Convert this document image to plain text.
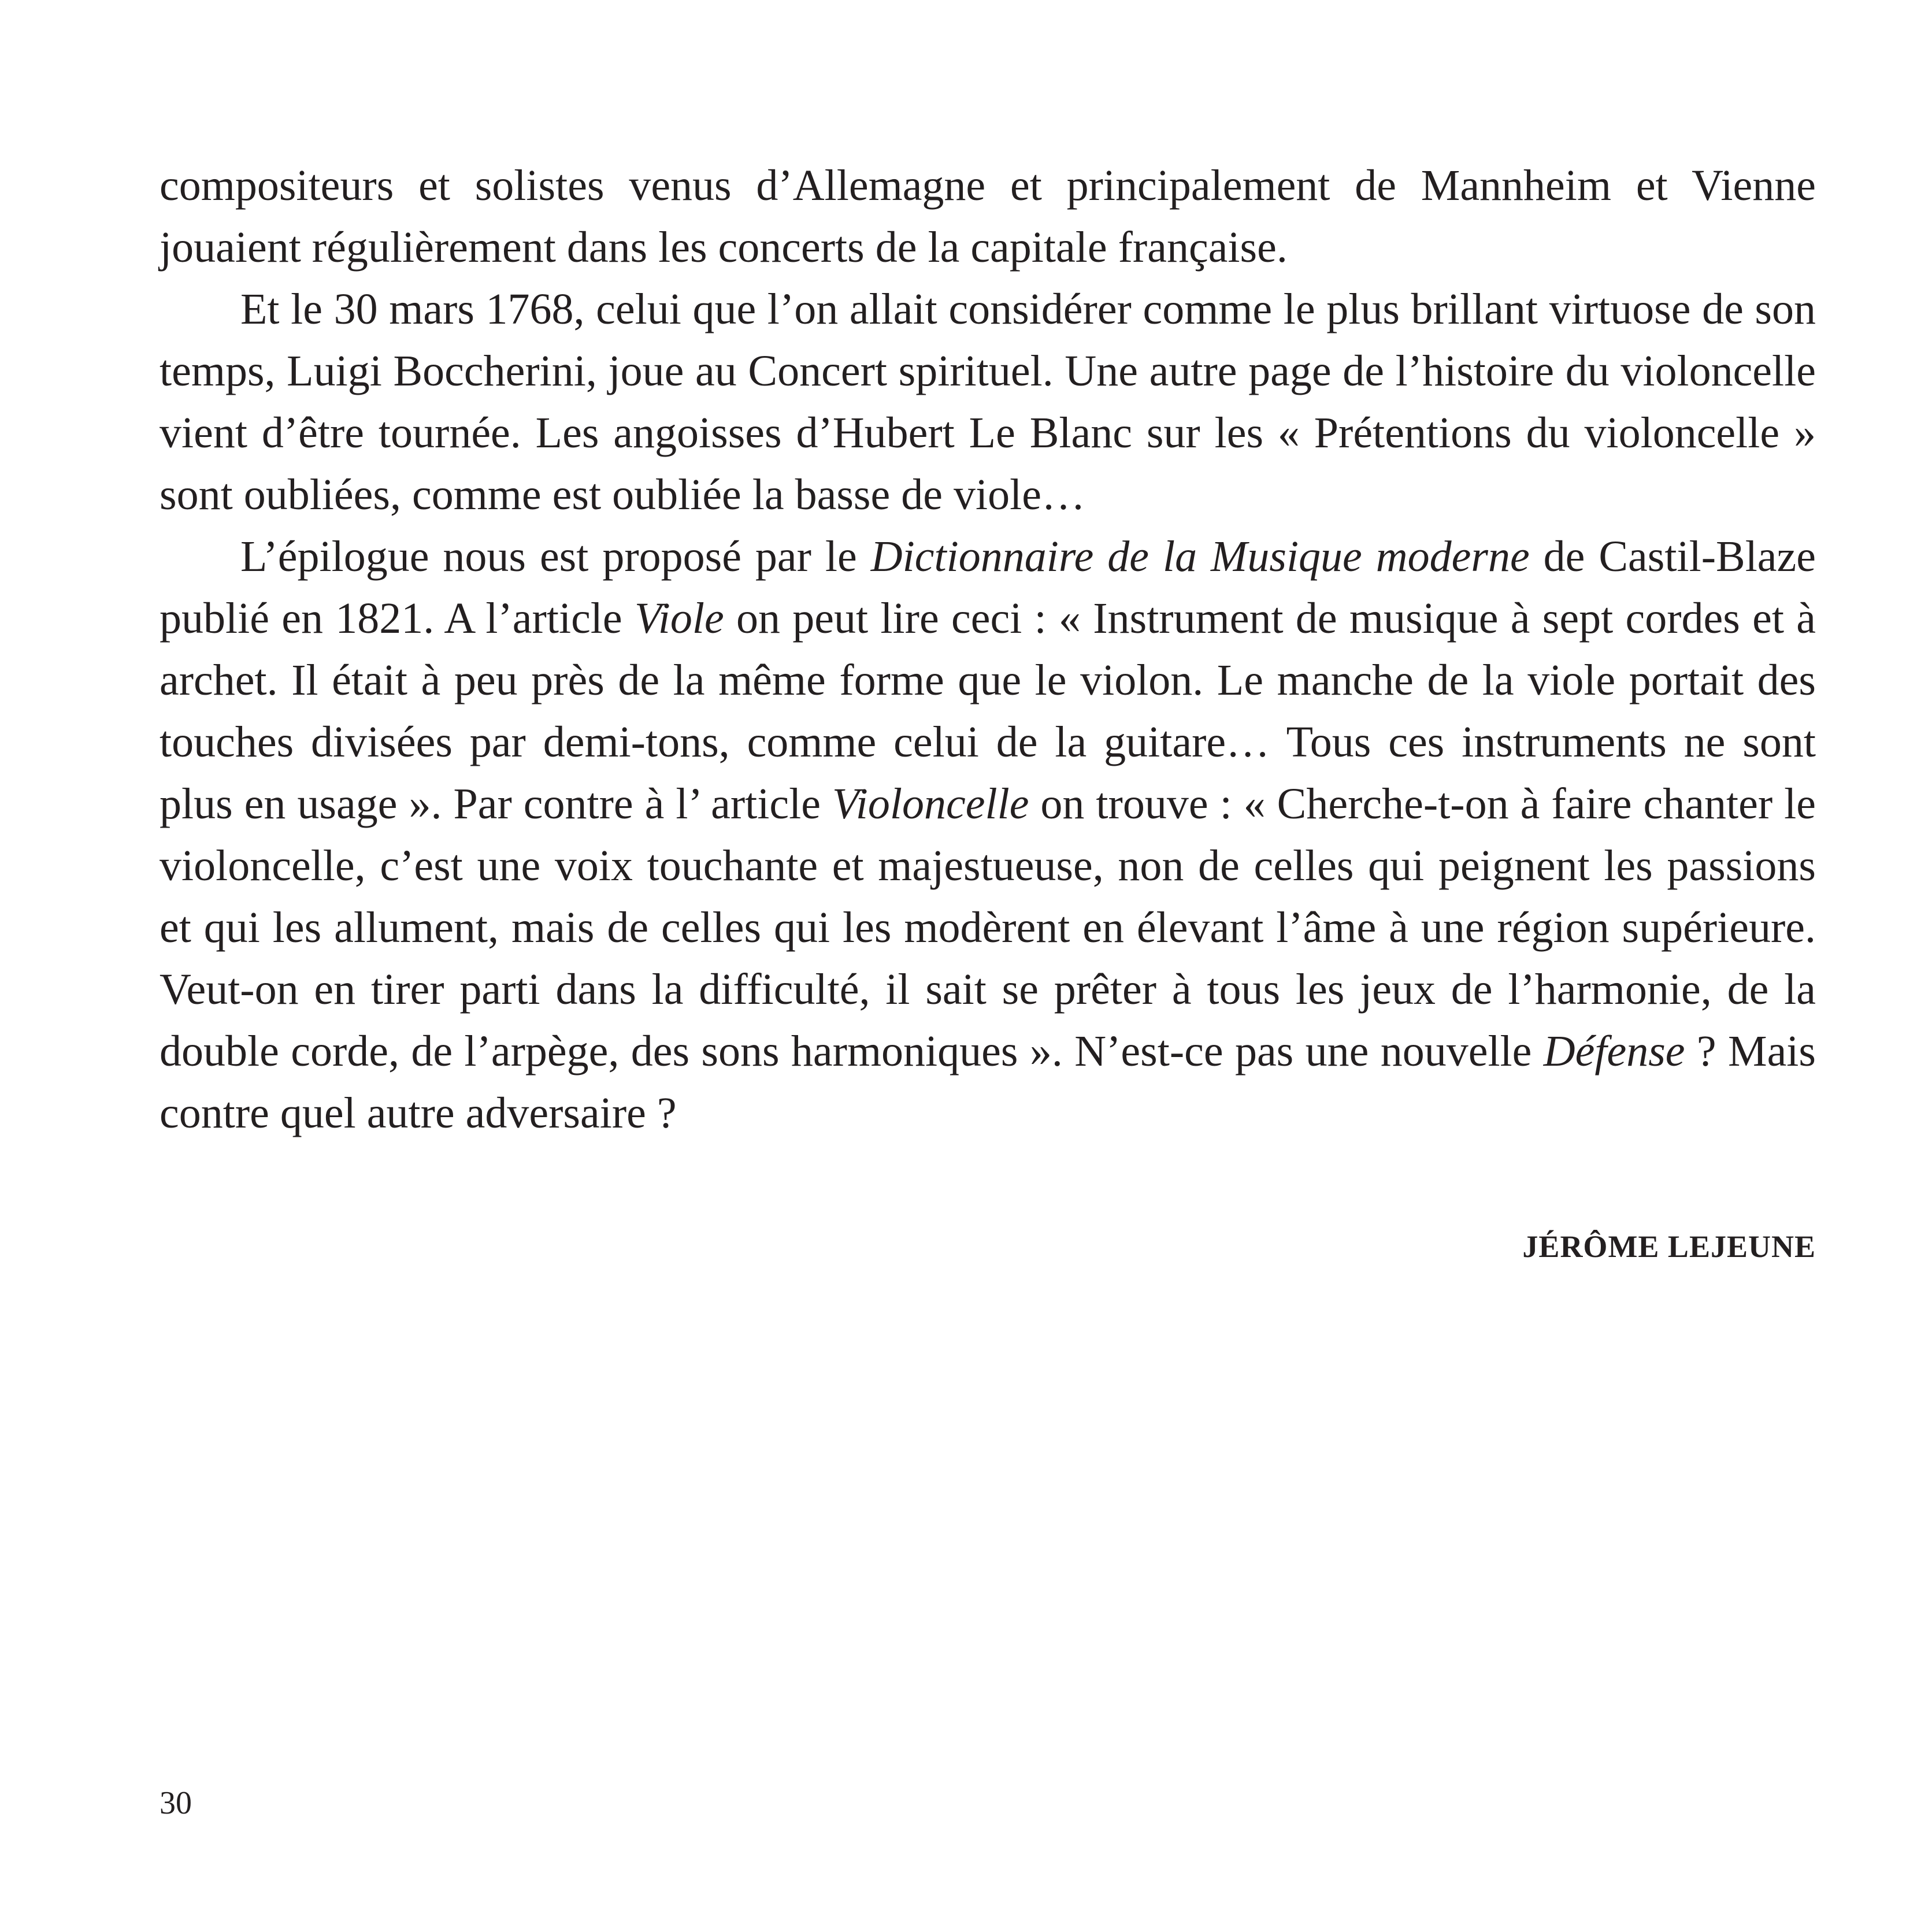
compositeurs et solistes venus d’Allemagne et principalement de Mannheim et Vienne jouaient régulièrement dans les concerts de la capitale française.

Et le 30 mars 1768, celui que l’on allait considérer comme le plus brillant virtuose de son temps, Luigi Boccherini, joue au Concert spirituel. Une autre page de l’histoire du violoncelle vient d’être tournée. Les angoisses d’Hubert Le Blanc sur les « Prétentions du violoncelle » sont oubliées, comme est oubliée la basse de viole…

L’épilogue nous est proposé par le Dictionnaire de la Musique moderne de Castil-Blaze publié en 1821. A l’article Viole on peut lire ceci : « Instrument de musique à sept cordes et à archet. Il était à peu près de la même forme que le violon. Le manche de la viole portait des touches divisées par demi-tons, comme celui de la guitare… Tous ces instruments ne sont plus en usage ». Par contre à l’ article Violoncelle on trouve : « Cherche-t-on à faire chanter le violoncelle, c’est une voix touchante et majestueuse, non de celles qui peignent les passions et qui les allument, mais de celles qui les modèrent en élevant l’âme à une région supérieure. Veut-on en tirer parti dans la difficulté, il sait se prêter à tous les jeux de l’harmonie, de la double corde, de l’arpège, des sons harmoniques ». N’est-ce pas une nouvelle Défense ? Mais contre quel autre adversaire ?

JÉRÔME LEJEUNE
30
